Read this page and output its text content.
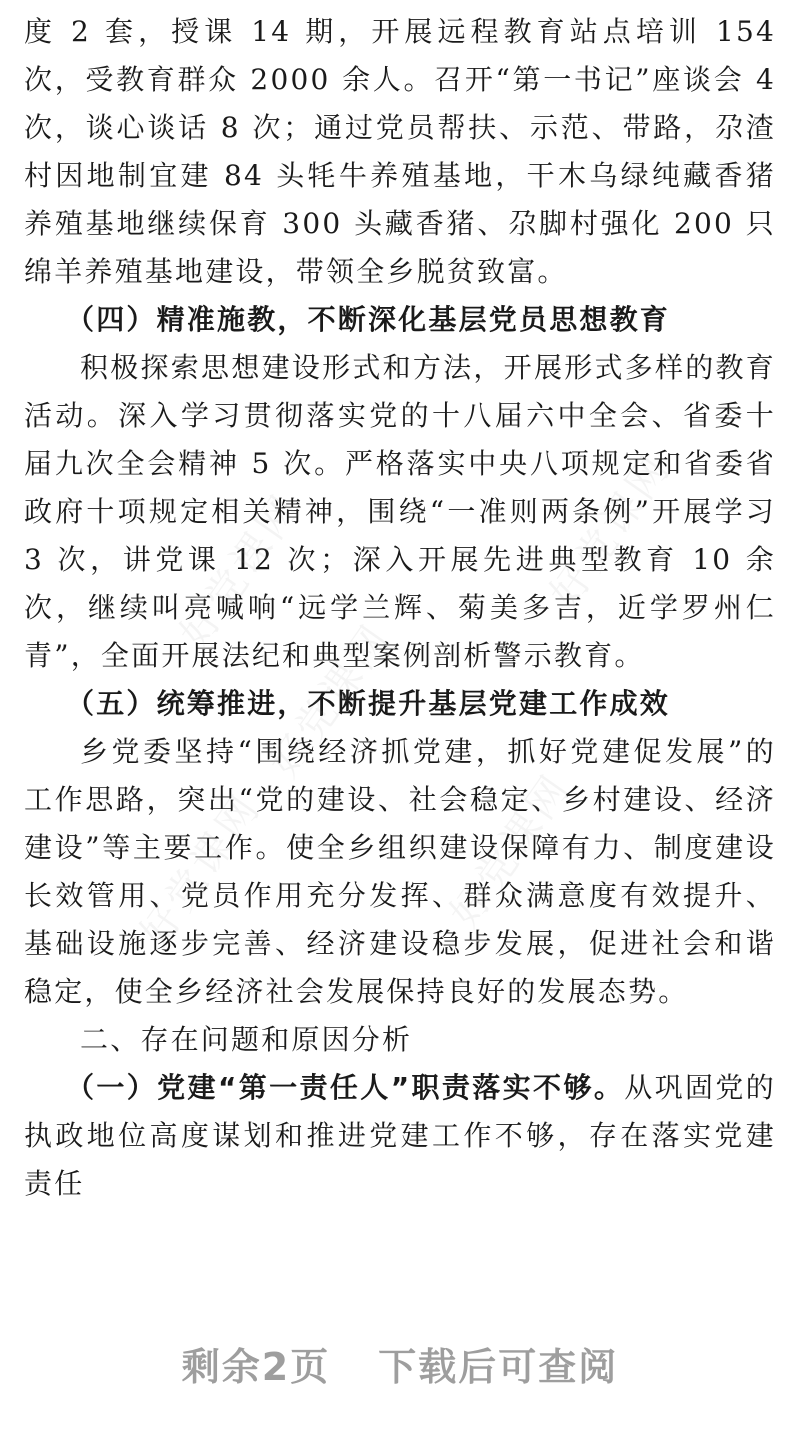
度 2 套，授课 14 期，开展远程教育站点培训 154 次，受教育群众 2000 余人。召开“第一书记”座谈会 4 次，谈心谈话 8 次；通过党员帮扶、示范、带路，尕渣村因地制宜建 84 头牦牛养殖基地，干木乌绿纯藏香猪养殖基地继续保育 300 头藏香猪、尕脚村强化 200 只绵羊养殖基地建设，带领全乡脱贫致富。

（四）精准施教，不断深化基层党员思想教育

积极探索思想建设形式和方法，开展形式多样的教育活动。深入学习贯彻落实党的十八届六中全会、省委十届九次全会精神 5 次。严格落实中央八项规定和省委省政府十项规定相关精神，围绕“一准则两条例”开展学习 3 次，讲党课 12 次；深入开展先进典型教育 10 余次，继续叫亮喊响“远学兰辉、菊美多吉，近学罗州仁青”，全面开展法纪和典型案例剖析警示教育。

（五）统筹推进，不断提升基层党建工作成效

乡党委坚持“围绕经济抓党建，抓好党建促发展”的工作思路，突出“党的建设、社会稳定、乡村建设、经济建设”等主要工作。使全乡组织建设保障有力、制度建设长效管用、党员作用充分发挥、群众满意度有效提升、基础设施逐步完善、经济建设稳步发展，促进社会和谐稳定，使全乡经济社会发展保持良好的发展态势。

二、存在问题和原因分析

（一）党建“第一责任人”职责落实不够。从巩固党的执政地位高度谋划和推进党建工作不够，存在落实党建责任

好党课网
好党课网
好党课网
好党课网
好党课网
剩余2页 下载后可查阅
